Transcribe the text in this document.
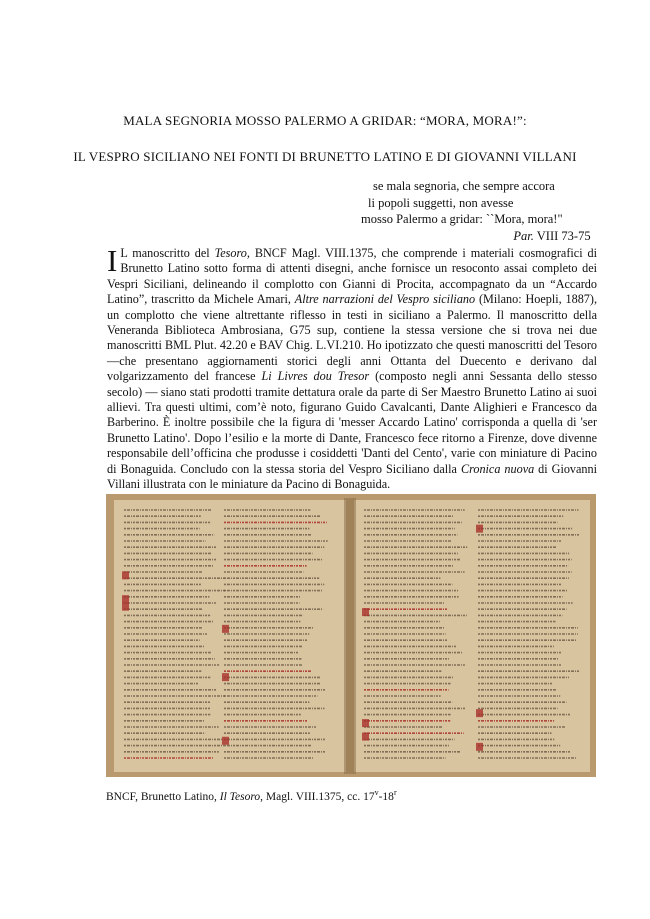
MALA SEGNORIA MOSSO PALERMO A GRIDAR: “MORA, MORA!”:
IL VESPRO SICILIANO NEI FONTI DI BRUNETTO LATINO E DI GIOVANNI VILLANI
se mala segnoria, che sempre accora
li popoli suggetti, non avesse
mosso Palermo a gridar: ``Mora, mora!"
Par. VIII 73-75
I L manoscritto del Tesoro, BNCF Magl. VIII.1375, che comprende i materiali cosmografici di Brunetto Latino sotto forma di attenti disegni, anche fornisce un resoconto assai completo dei Vespri Siciliani, delineando il complotto con Gianni di Procita, accompagnato da un “Accardo Latino”, trascritto da Michele Amari, Altre narrazioni del Vespro siciliano (Milano: Hoepli, 1887), un complotto che viene altrettante riflesso in testi in siciliano a Palermo. Il manoscritto della Veneranda Biblioteca Ambrosiana, G75 sup, contiene la stessa versione che si trova nei due manoscritti BML Plut. 42.20 e BAV Chig. L.VI.210. Ho ipotizzato che questi manoscritti del Tesoro—che presentano aggiornamenti storici degli anni Ottanta del Duecento e derivano dal volgarizzamento del francese Li Livres dou Tresor (composto negli anni Sessanta dello stesso secolo) — siano stati prodotti tramite dettatura orale da parte di Ser Maestro Brunetto Latino ai suoi allievi. Tra questi ultimi, com’è noto, figurano Guido Cavalcanti, Dante Alighieri e Francesco da Barberino. È inoltre possibile che la figura di 'messer Accardo Latino' corrisponda a quella di 'ser Brunetto Latino'. Dopo l’esilio e la morte di Dante, Francesco fece ritorno a Firenze, dove divenne responsabile dell’officina che produsse i cosiddetti 'Danti del Cento', varie con miniature di Pacino di Bonaguida. Concludo con la stessa storia del Vespro Siciliano dalla Cronica nuova di Giovanni Villani illustrata con le miniature da Pacino di Bonaguida.
BNCF, Brunetto Latino, Il Tesoro, Magl. VIII.1375, cc. 17$^v$-18$^r$
